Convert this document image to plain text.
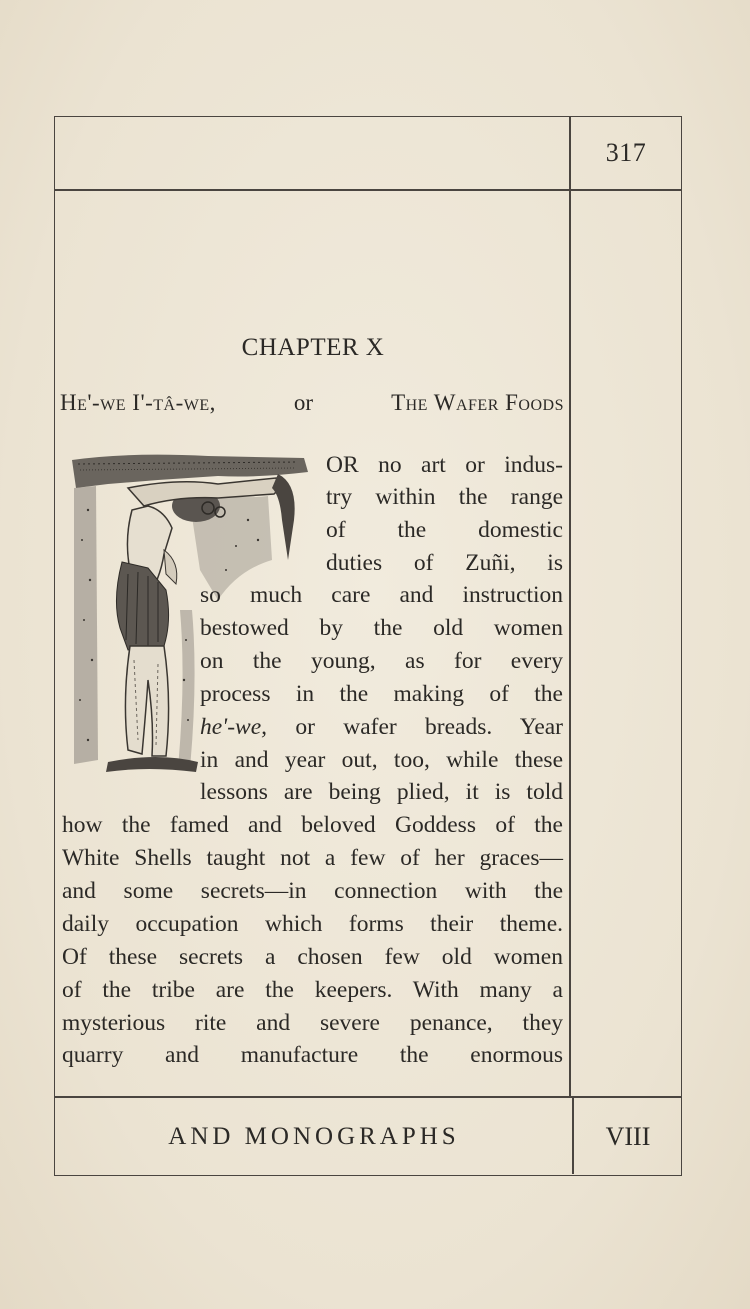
317
CHAPTER X
He'-we I'-tâ-we,	or	The Wafer Foods
OR no art or indus-
try within the range
of the domestic
duties of Zuñi, is
so much care and instruction
bestowed by the old women
on the young, as for every
process in the making of the
he'-we, or wafer breads. Year
in and year out, too, while these
lessons are being plied, it is told
how the famed and beloved Goddess of the
White Shells taught not a few of her graces—
and some secrets—in connection with the
daily occupation which forms their theme.
Of these secrets a chosen few old women
of the tribe are the keepers. With many a
mysterious rite and severe penance, they
quarry and manufacture the enormous
AND MONOGRAPHS	VIII
